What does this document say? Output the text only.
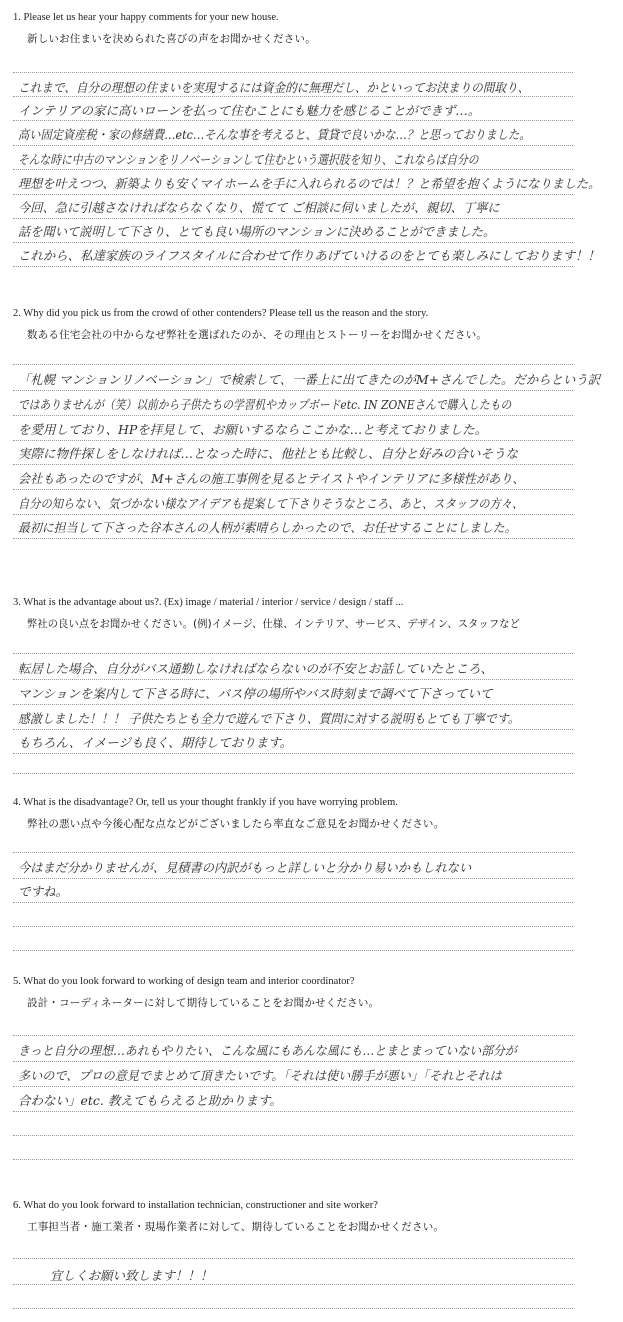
1. Please let us hear your happy comments for your new house.
新しいお住まいを決められた喜びの声をお聞かせください。
これまで、自分の理想の住まいを実現するには資金的に無理だし、かといってお決まりの間取り、
インテリアの家に高いローンを払って住むことにも魅力を感じることができず…。
高い固定資産税・家の修繕費…etc…そんな事を考えると、賃貸で良いかな…？と思っておりました。
そんな時に中古のマンションをリノベーションして住むという選択肢を知り、これならば自分の
理想を叶えつつ、新築よりも安くマイホームを手に入れられるのでは！？と希望を抱くようになりました。
今回、急に引越さなければならなくなり、慌てて ご相談に伺いましたが、親切、丁寧に
話を聞いて説明して下さり、とても良い場所のマンションに決めることができました。
これから、私達家族のライフスタイルに合わせて作りあげていけるのをとても楽しみにしております！！
2. Why did you pick us from the crowd of other contenders? Please tell us the reason and the story.
数ある住宅会社の中からなぜ弊社を選ばれたのか、その理由とストーリーをお聞かせください。
「札幌 マンションリノベーション」で検索して、一番上に出てきたのがM+さんでした。だからという訳
ではありませんが（笑）以前から子供たちの学習机やカップボードetc. IN ZONEさんで購入したもの
を愛用しており、HPを拝見して、お願いするならここかな…と考えておりました。
実際に物件探しをしなければ…となった時に、他社とも比較し、自分と好みの合いそうな
会社もあったのですが、M+さんの施工事例を見るとテイストやインテリアに多様性があり、
自分の知らない、気づかない様なアイデアも提案して下さりそうなところ、あと、スタッフの方々、
最初に担当して下さった谷本さんの人柄が素晴らしかったので、お任せすることにしました。
3. What is the advantage about us?. (Ex) image / material / interior / service / design / staff ...
弊社の良い点をお聞かせください。(例)イメージ、仕様、インテリア、サービス、デザイン、スタッフなど
転居した場合、自分がバス通勤しなければならないのが不安とお話していたところ、
マンションを案内して下さる時に、バス停の場所やバス時刻まで調べて下さっていて
感激しました！！！ 子供たちとも全力で遊んで下さり、質問に対する説明もとても丁寧です。
もちろん、イメージも良く、期待しております。
4. What is the disadvantage? Or, tell us your thought frankly if you have worrying problem.
弊社の悪い点や今後心配な点などがございましたら率直なご意見をお聞かせください。
今はまだ分かりませんが、見積書の内訳がもっと詳しいと分かり易いかもしれない
ですね。
5. What do you look forward to working of design team and interior coordinator?
設計・コーディネーターに対して期待していることをお聞かせください。
きっと自分の理想…あれもやりたい、こんな風にもあんな風にも…とまとまっていない部分が
多いので、プロの意見でまとめて頂きたいです。「それは使い勝手が悪い」「それとそれは
合わない」etc. 教えてもらえると助かります。
6. What do you look forward to installation technician, constructioner and site worker?
工事担当者・施工業者・現場作業者に対して、期待していることをお聞かせください。
宜しくお願い致します！！！
